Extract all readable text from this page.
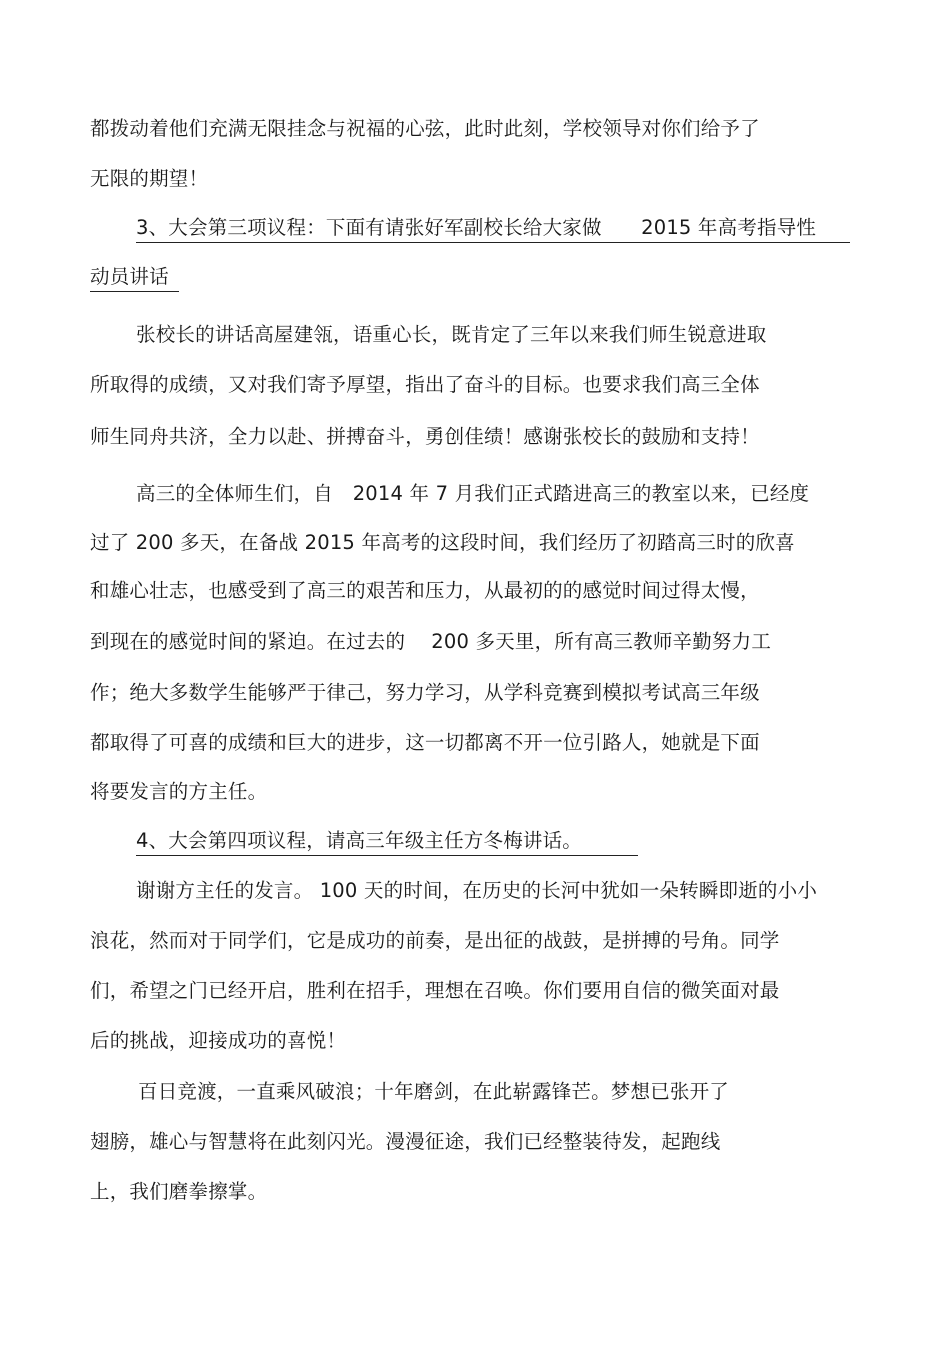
都拨动着他们充满无限挂念与祝福的心弦，此时此刻，学校领导对你们给予了
无限的期望！
3、大会第三项议程：下面有请张好军副校长给大家做　　2015 年高考指导性
动员讲话
张校长的讲话高屋建瓴，语重心长，既肯定了三年以来我们师生锐意进取
所取得的成绩，又对我们寄予厚望，指出了奋斗的目标。也要求我们高三全体
师生同舟共济，全力以赴、拼搏奋斗，勇创佳绩！感谢张校长的鼓励和支持！
高三的全体师生们，自　2014 年 7 月我们正式踏进高三的教室以来，已经度
过了 200 多天，在备战 2015 年高考的这段时间，我们经历了初踏高三时的欣喜
和雄心壮志，也感受到了高三的艰苦和压力，从最初的的感觉时间过得太慢，
到现在的感觉时间的紧迫。在过去的　 200 多天里，所有高三教师辛勤努力工
作；绝大多数学生能够严于律己，努力学习，从学科竞赛到模拟考试高三年级
都取得了可喜的成绩和巨大的进步，这一切都离不开一位引路人，她就是下面
将要发言的方主任。
4、大会第四项议程，请高三年级主任方冬梅讲话。
谢谢方主任的发言。 100 天的时间，在历史的长河中犹如一朵转瞬即逝的小小
浪花，然而对于同学们，它是成功的前奏，是出征的战鼓，是拼搏的号角。同学
们，希望之门已经开启，胜利在招手，理想在召唤。你们要用自信的微笑面对最
后的挑战，迎接成功的喜悦！
百日竞渡，一直乘风破浪；十年磨剑，在此崭露锋芒。梦想已张开了
翅膀，雄心与智慧将在此刻闪光。漫漫征途，我们已经整装待发，起跑线
上，我们磨拳擦掌。
